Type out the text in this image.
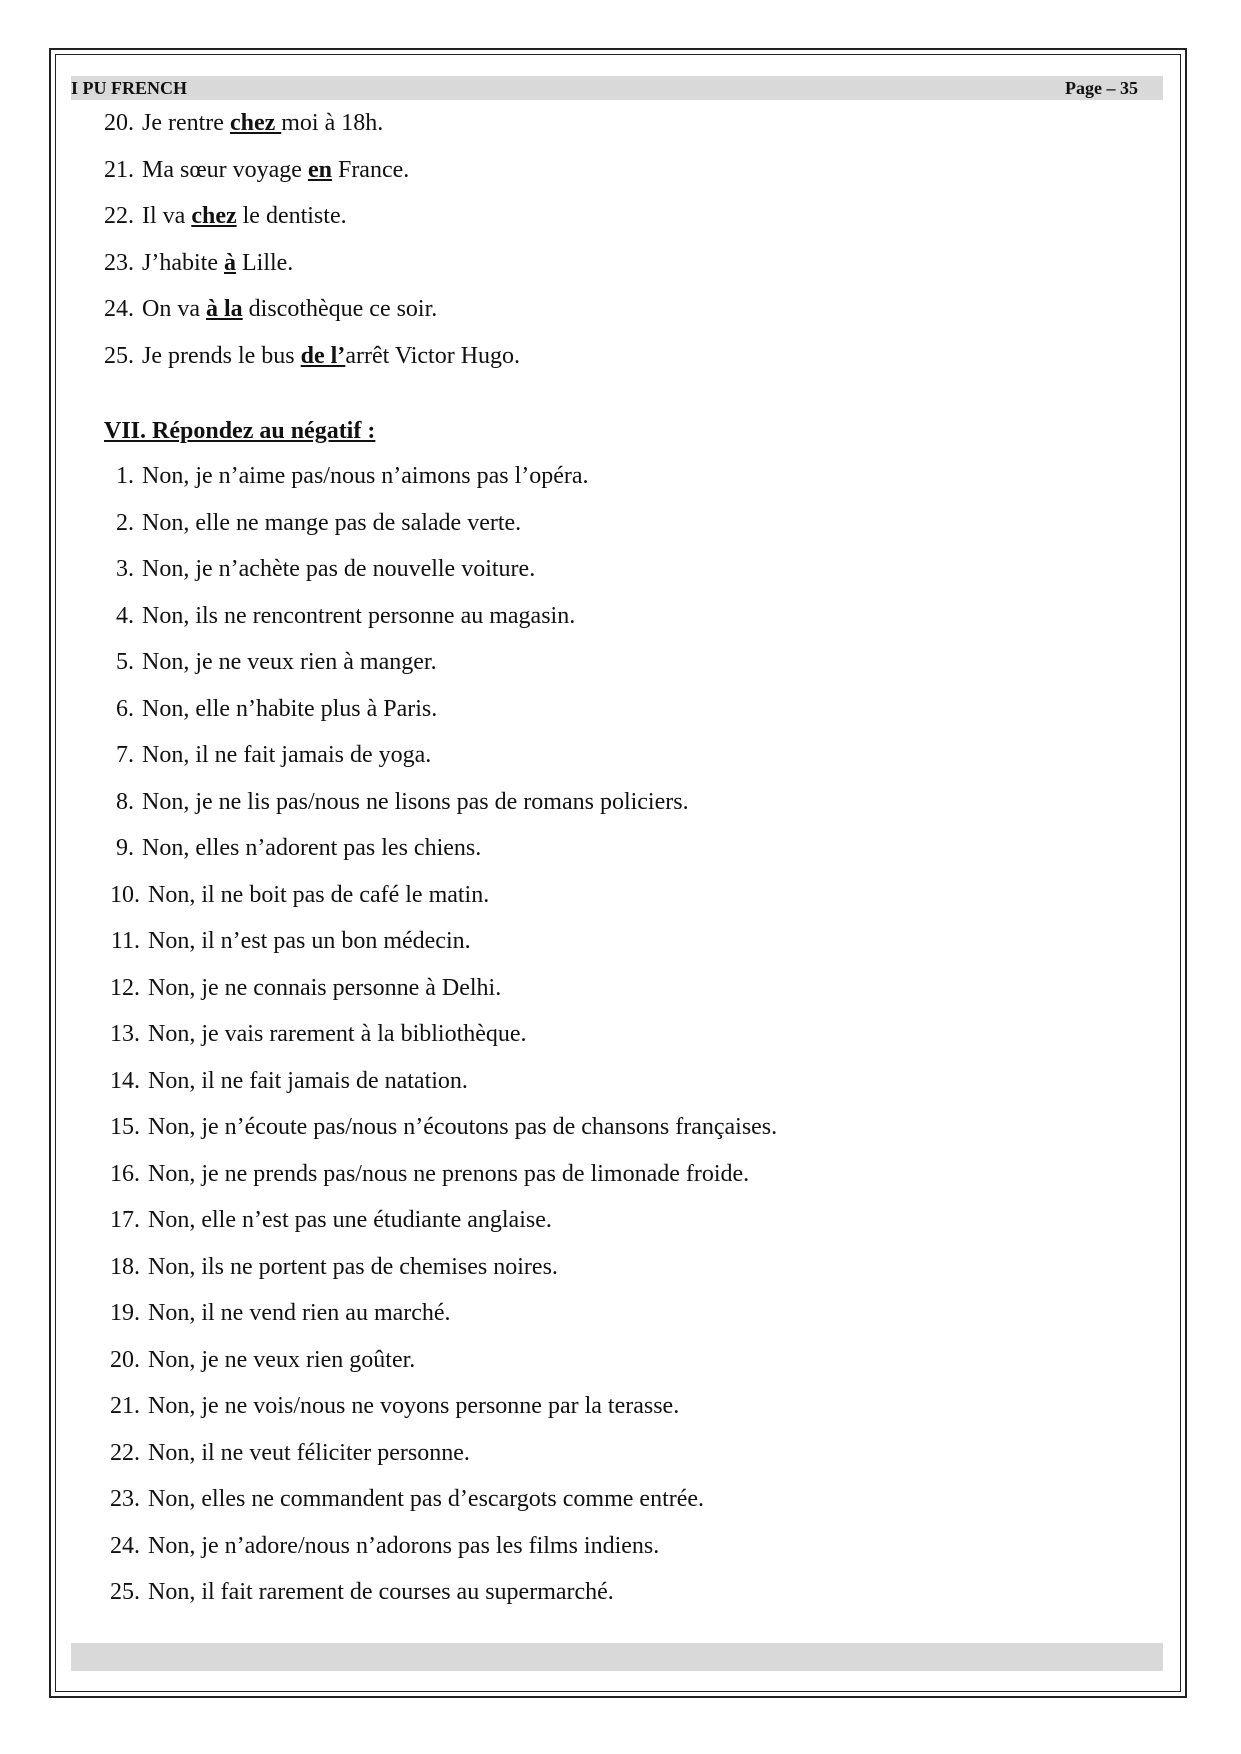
I PU FRENCH	Page – 35
20. Je rentre chez moi à 18h.
21. Ma sœur voyage en France.
22. Il va chez le dentiste.
23. J’habite à Lille.
24. On va à la discothèque ce soir.
25. Je prends le bus de l’arrêt Victor Hugo.
VII. Répondez au négatif :
1. Non, je n’aime pas/nous n’aimons pas l’opéra.
2. Non, elle ne mange pas de salade verte.
3. Non, je n’achète pas de nouvelle voiture.
4. Non, ils ne rencontrent personne au magasin.
5. Non, je ne veux rien à manger.
6. Non, elle n’habite plus à Paris.
7. Non, il ne fait jamais de yoga.
8. Non, je ne lis pas/nous ne lisons pas de romans policiers.
9. Non, elles n’adorent pas les chiens.
10. Non, il ne boit pas de café le matin.
11. Non, il n’est pas un bon médecin.
12. Non, je ne connais personne à Delhi.
13. Non, je vais rarement à la bibliothèque.
14. Non, il ne fait jamais de natation.
15. Non, je n’écoute pas/nous n’écoutons pas de chansons françaises.
16. Non, je ne prends pas/nous ne prenons pas de limonade froide.
17. Non, elle n’est pas une étudiante anglaise.
18. Non, ils ne portent pas de chemises noires.
19. Non, il ne vend rien au marché.
20. Non, je ne veux rien goûter.
21. Non, je ne vois/nous ne voyons personne par la terasse.
22. Non, il ne veut féliciter personne.
23. Non, elles ne commandent pas d’escargots comme entrée.
24. Non, je n’adore/nous n’adorons pas les films indiens.
25. Non, il fait rarement de courses au supermarché.
